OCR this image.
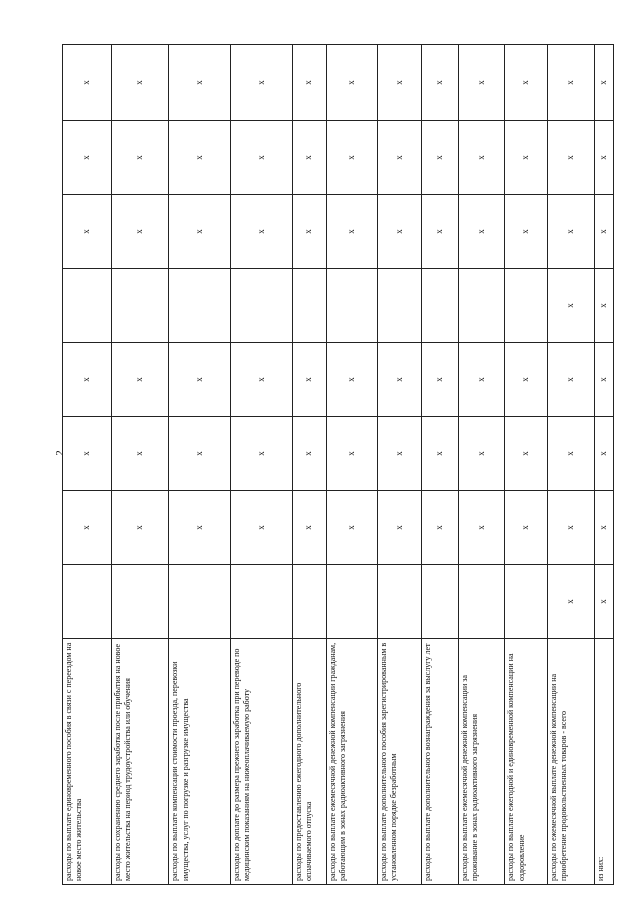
2
расходы по выплате единовременного пособия в связи с переездом на новое место жительства		х	х	х		х	х	х
расходы по сохранению среднего заработка после прибытия на новое место жительства на период трудоустройства или обучения		х	х	х		х	х	х
расходы по выплате компенсации стоимости проезда, перевозки имущества, услуг по погрузке и разгрузке имущества		х	х	х		х	х	х
расходы по доплате до размера прежнего заработка при переводе по медицинским показаниям на нижеоплачиваемую работу		х	х	х		х	х	х
расходы по предоставлению ежегодного дополнительного оплачиваемого отпуска		х	х	х		х	х	х
расходы по выплате ежемесячной денежной компенсации гражданам, работающим в зонах радиоактивного загрязнения		х	х	х		х	х	х
расходы по выплате дополнительного пособия зарегистрированным в установленном порядке безработным		х	х	х		х	х	х
расходы по выплате дополнительного вознаграждения за выслугу лет		х	х	х		х	х	х
расходы по выплате ежемесячной денежной компенсации за проживание в зонах радиоактивного загрязнения		х	х	х		х	х	х
расходы по выплате ежегодной и единовременной компенсации на оздоровление		х	х	х		х	х	х
расходы по ежемесячной выплате денежной компенсации на приобретение продовольственных товаров - всего	х	х	х	х	х	х	х	х
из них:	х	х	х	х	х	х	х	х
